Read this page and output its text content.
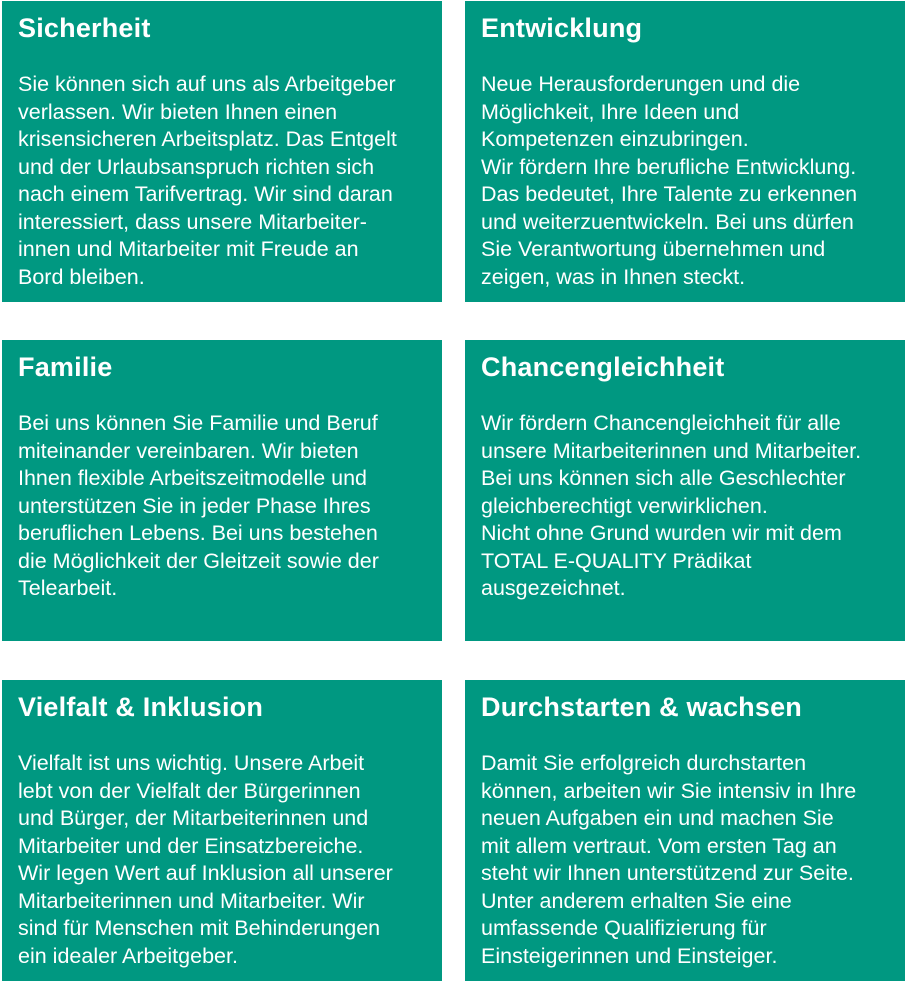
Sicherheit

Sie können sich auf uns als Arbeitgeber
verlassen. Wir bieten Ihnen einen
krisensicheren Arbeitsplatz. Das Entgelt
und der Urlaubsanspruch richten sich
nach einem Tarifvertrag. Wir sind daran
interessiert, dass unsere Mitarbeiter-
innen und Mitarbeiter mit Freude an
Bord bleiben.

Entwicklung

Neue Herausforderungen und die
Möglichkeit, Ihre Ideen und
Kompetenzen einzubringen.
Wir fördern Ihre berufliche Entwicklung.
Das bedeutet, Ihre Talente zu erkennen
und weiterzuentwickeln. Bei uns dürfen
Sie Verantwortung übernehmen und
zeigen, was in Ihnen steckt.

Familie

Bei uns können Sie Familie und Beruf
miteinander vereinbaren. Wir bieten
Ihnen flexible Arbeitszeitmodelle und
unterstützen Sie in jeder Phase Ihres
beruflichen Lebens. Bei uns bestehen
die Möglichkeit der Gleitzeit sowie der
Telearbeit.

Chancengleichheit

Wir fördern Chancengleichheit für alle
unsere Mitarbeiterinnen und Mitarbeiter.
Bei uns können sich alle Geschlechter
gleichberechtigt verwirklichen.
Nicht ohne Grund wurden wir mit dem
TOTAL E-QUALITY Prädikat
ausgezeichnet.

Vielfalt & Inklusion

Vielfalt ist uns wichtig. Unsere Arbeit
lebt von der Vielfalt der Bürgerinnen
und Bürger, der Mitarbeiterinnen und
Mitarbeiter und der Einsatzbereiche.
Wir legen Wert auf Inklusion all unserer
Mitarbeiterinnen und Mitarbeiter. Wir
sind für Menschen mit Behinderungen
ein idealer Arbeitgeber.

Durchstarten & wachsen

Damit Sie erfolgreich durchstarten
können, arbeiten wir Sie intensiv in Ihre
neuen Aufgaben ein und machen Sie
mit allem vertraut. Vom ersten Tag an
steht wir Ihnen unterstützend zur Seite.
Unter anderem erhalten Sie eine
umfassende Qualifizierung für
Einsteigerinnen und Einsteiger.
